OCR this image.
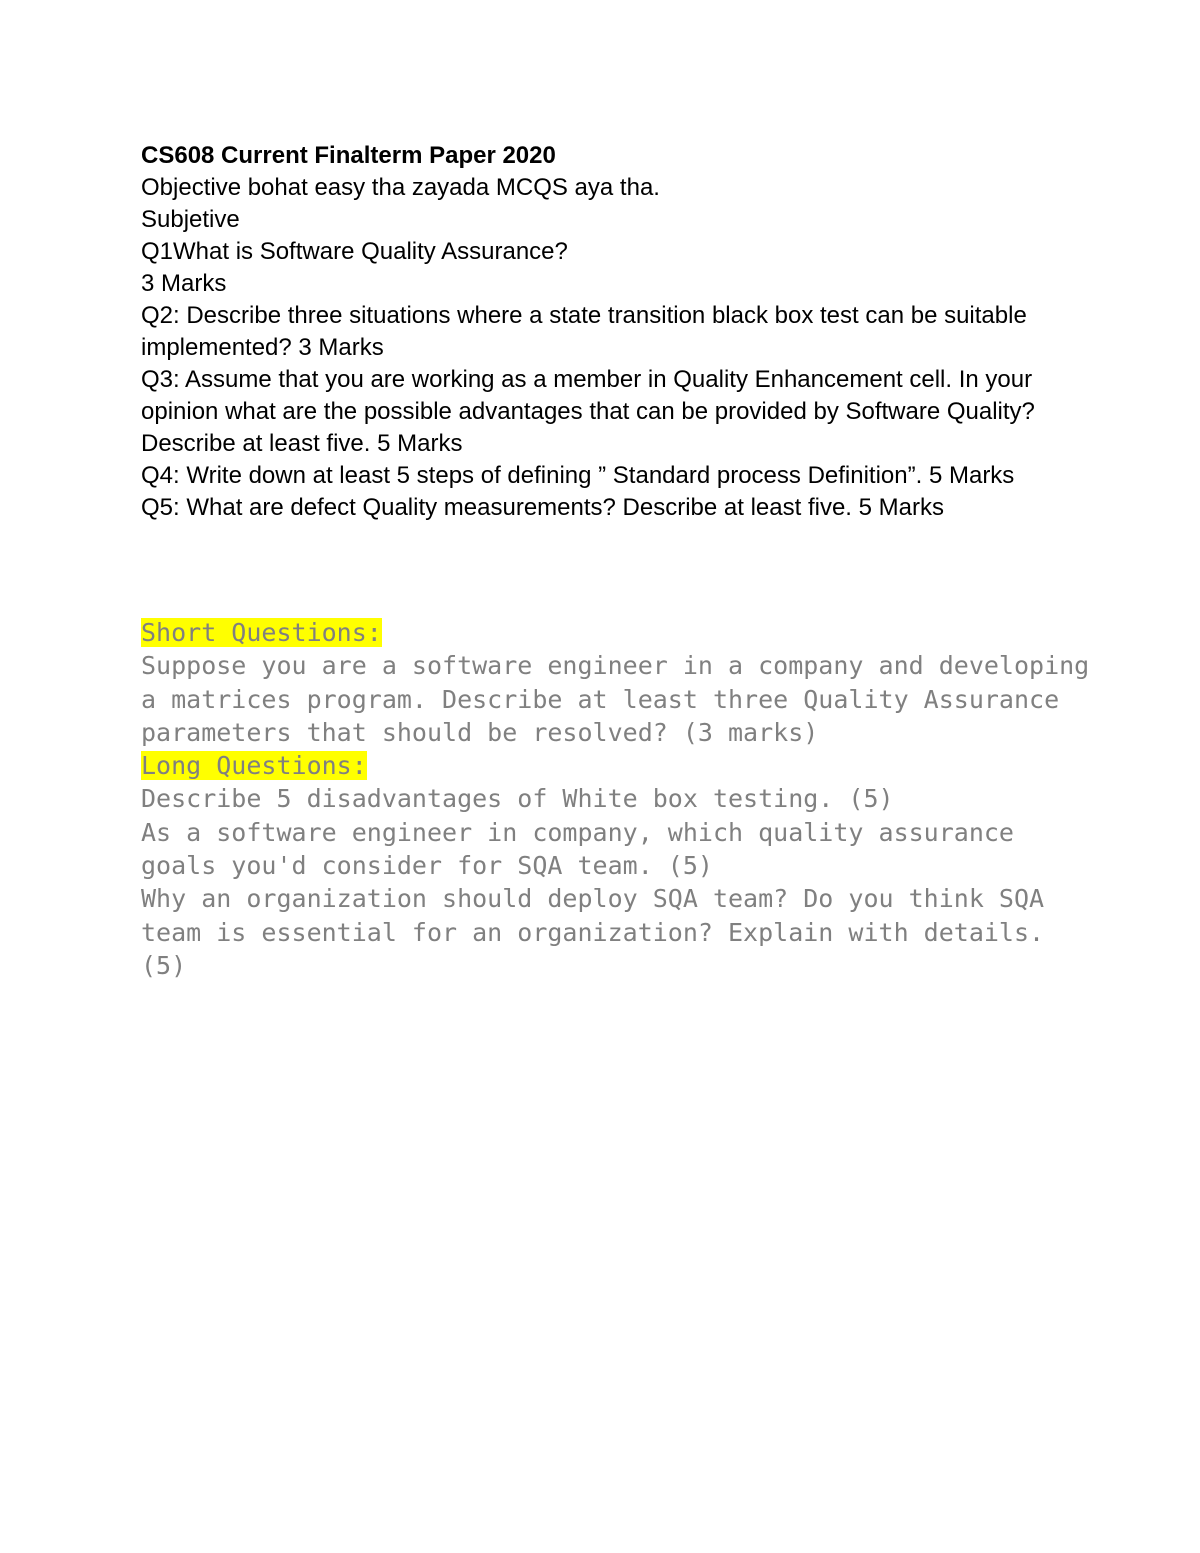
CS608 Current Finalterm Paper 2020
Objective bohat easy tha zayada MCQS aya tha.
Subjetive
Q1What is Software Quality Assurance?
3 Marks
Q2: Describe three situations where a state transition black box test can be suitable implemented? 3 Marks
Q3: Assume that you are working as a member in Quality Enhancement cell. In your opinion what are the possible advantages that can be provided by Software Quality? Describe at least five. 5 Marks
Q4: Write down at least 5 steps of defining ” Standard process Definition”. 5 Marks
Q5: What are defect Quality measurements? Describe at least five. 5 Marks
Short Questions:
Suppose you are a software engineer in a company and developing a matrices program. Describe at least three Quality Assurance parameters that should be resolved? (3 marks)
Long Questions:
Describe 5 disadvantages of White box testing. (5)
As a software engineer in company, which quality assurance goals you'd consider for SQA team. (5)
Why an organization should deploy SQA team? Do you think SQA team is essential for an organization? Explain with details. (5)
